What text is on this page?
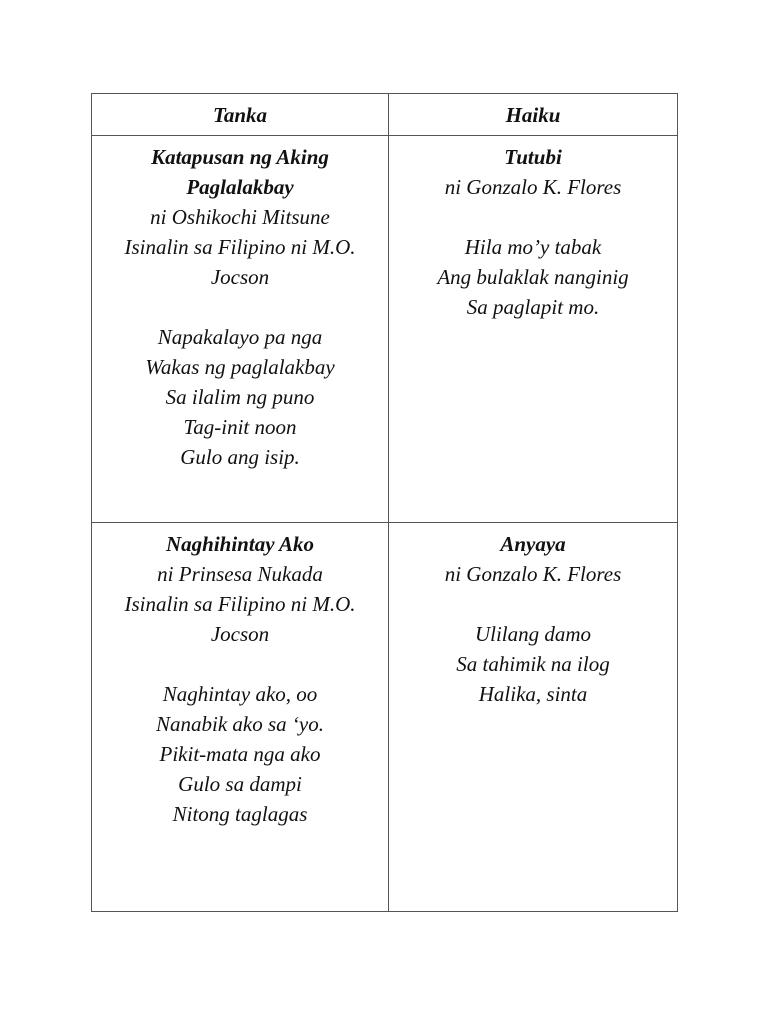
Tanka	Haiku
Katapusan ng Aking Paglalakbay
ni Oshikochi Mitsune
Isinalin sa Filipino ni M.O. Jocson
Napakalayo pa nga
Wakas ng paglalakbay
Sa ilalim ng puno
Tag-init noon
Gulo ang isip.
Tutubi
ni Gonzalo K. Flores
Hila mo’y tabak
Ang bulaklak nanginig
Sa paglapit mo.
Naghihintay Ako
ni Prinsesa Nukada
Isinalin sa Filipino ni M.O. Jocson
Naghintay ako, oo
Nanabik ako sa ‘yo.
Pikit-mata nga ako
Gulo sa dampi
Nitong taglagas
Anyaya
ni Gonzalo K. Flores
Ulilang damo
Sa tahimik na ilog
Halika, sinta
